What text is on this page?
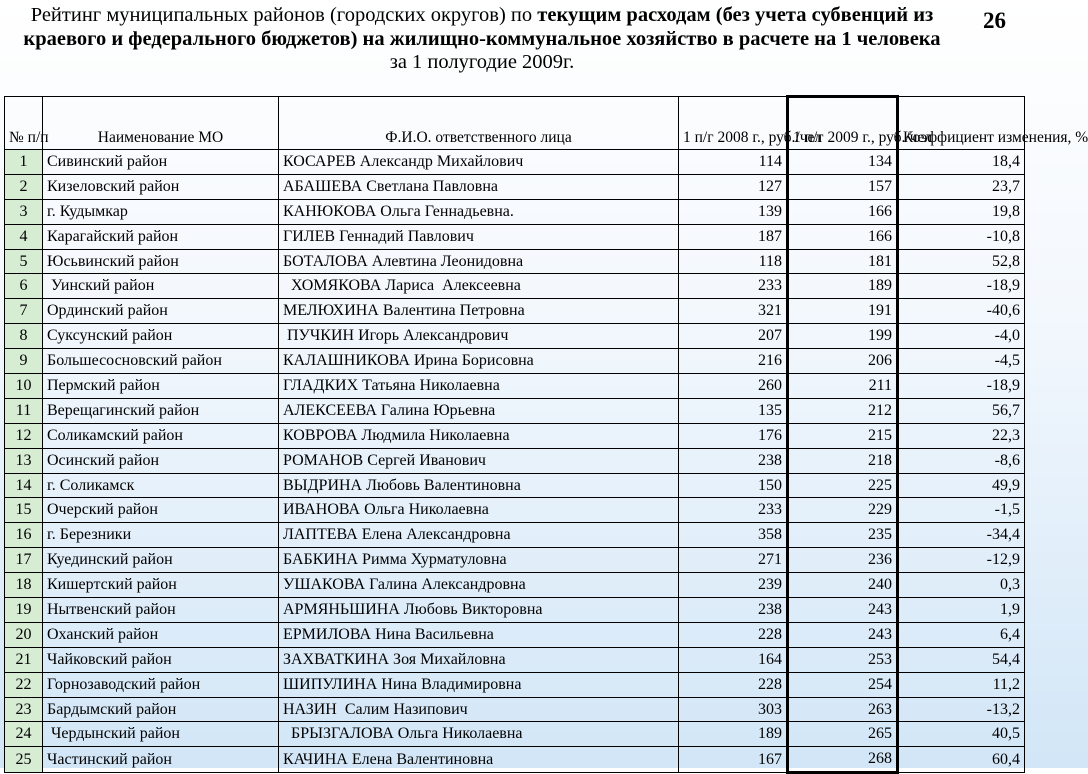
Рейтинг муниципальных районов (городских округов) по текущим расходам (без учета субвенций из краевого и федерального бюджетов) на жилищно-коммунальное хозяйство в расчете на 1 человека за 1 полугодие 2009г.
26
№ п/п	Наименование МО	Ф.И.О. ответственного лица	1 п/г 2008 г., руб./чел	1 п/г 2009 г., руб./чел	Коэффициент изменения, %
1	Сивинский район	КОСАРЕВ Александр Михайлович	114	134	18,4
2	Кизеловский район	АБАШЕВА Светлана Павловна	127	157	23,7
3	г. Кудымкар	КАНЮКОВА Ольга Геннадьевна.	139	166	19,8
4	Карагайский район	ГИЛЕВ Геннадий Павлович	187	166	-10,8
5	Юсьвинский район	БОТАЛОВА Алевтина Леонидовна	118	181	52,8
6	Уинский район	ХОМЯКОВА Лариса  Алексеевна	233	189	-18,9
7	Ординский район	МЕЛЮХИНА Валентина Петровна	321	191	-40,6
8	Суксунский район	ПУЧКИН Игорь Александрович	207	199	-4,0
9	Большесосновский район	КАЛАШНИКОВА Ирина Борисовна	216	206	-4,5
10	Пермский район	ГЛАДКИХ Татьяна Николаевна	260	211	-18,9
11	Верещагинский район	АЛЕКСЕЕВА Галина Юрьевна	135	212	56,7
12	Соликамский район	КОВРОВА Людмила Николаевна	176	215	22,3
13	Осинский район	РОМАНОВ Сергей Иванович	238	218	-8,6
14	г. Соликамск	ВЫДРИНА Любовь Валентиновна	150	225	49,9
15	Очерский район	ИВАНОВА Ольга Николаевна	233	229	-1,5
16	г. Березники	ЛАПТЕВА Елена Александровна	358	235	-34,4
17	Куединский район	БАБКИНА Римма Хурматуловна	271	236	-12,9
18	Кишертский район	УШАКОВА Галина Александровна	239	240	0,3
19	Нытвенский район	АРМЯНЬШИНА Любовь Викторовна	238	243	1,9
20	Оханский район	ЕРМИЛОВА Нина Васильевна	228	243	6,4
21	Чайковский район	ЗАХВАТКИНА Зоя Михайловна	164	253	54,4
22	Горнозаводский район	ШИПУЛИНА Нина Владимировна	228	254	11,2
23	Бардымский район	НАЗИН  Салим Назипович	303	263	-13,2
24	Чердынский район	БРЫЗГАЛОВА Ольга Николаевна	189	265	40,5
25	Частинский район	КАЧИНА Елена Валентиновна	167	268	60,4
